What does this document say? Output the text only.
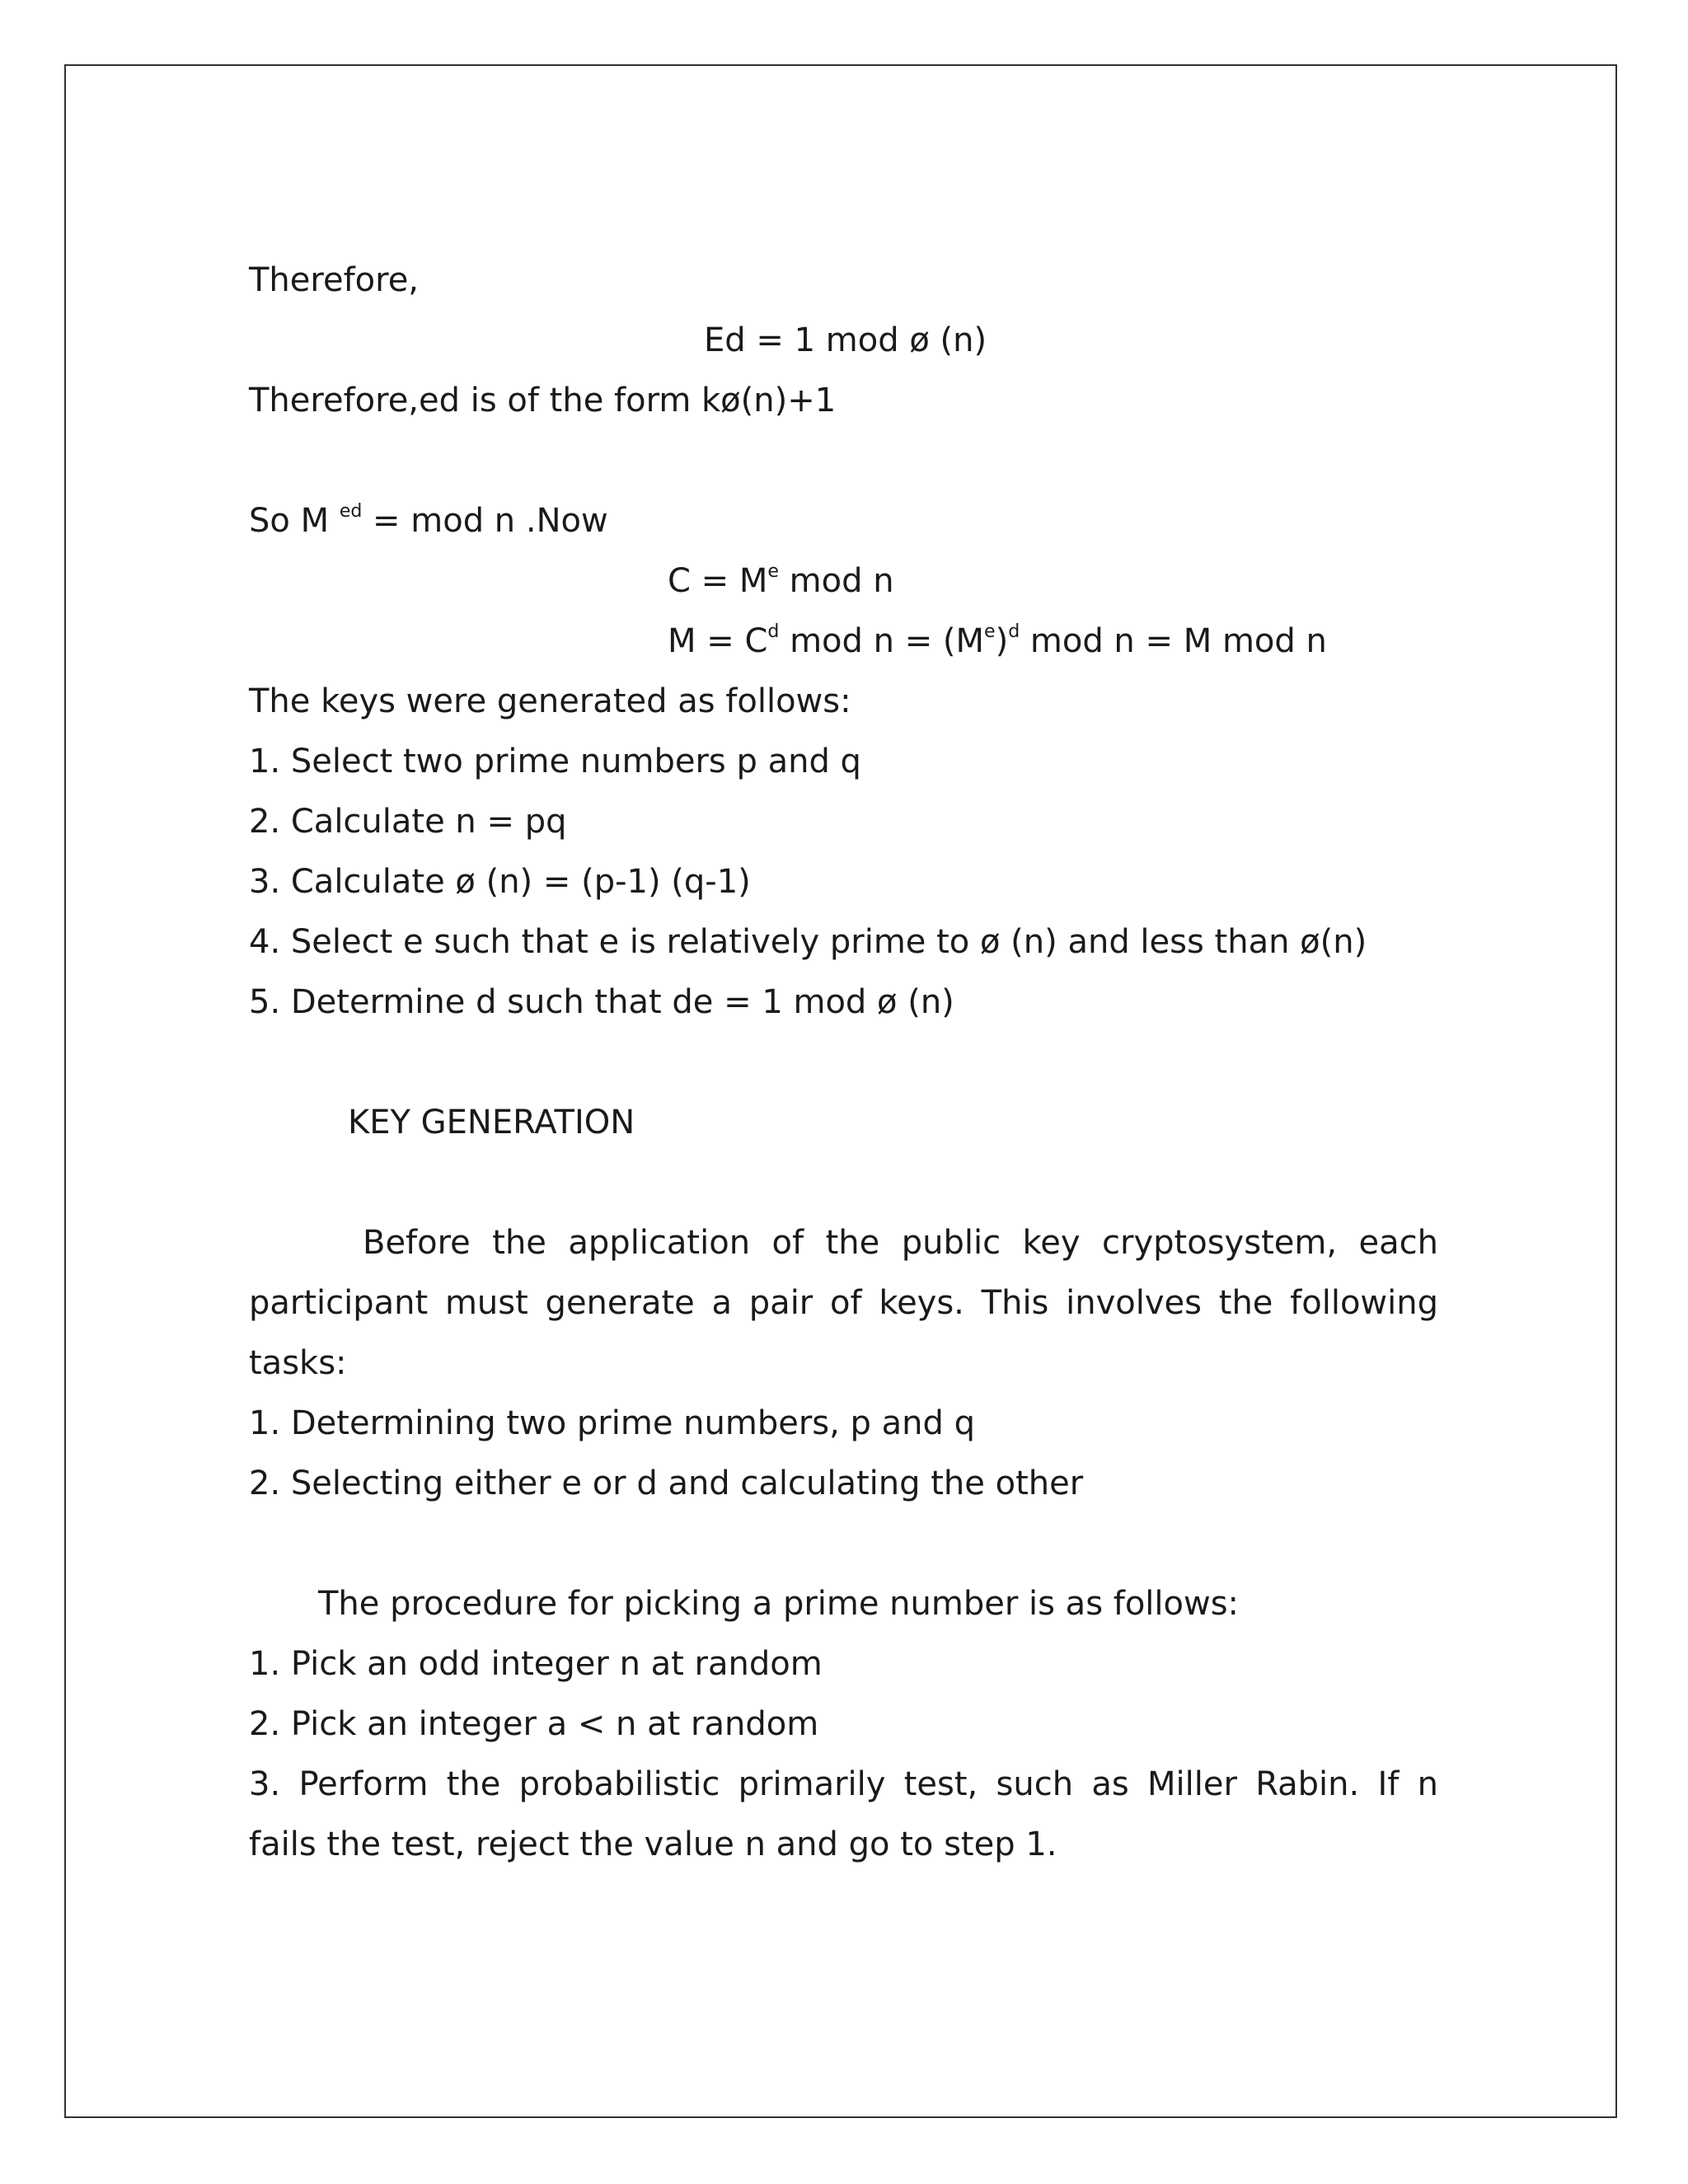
Therefore,
Ed = 1 mod ø (n)
Therefore,ed is of the form kø(n)+1
So M $^{ed}$ = mod n .Now
$C = M^e$ mod n
$M = C^d$ mod $n = (M^e)^d$ mod n = M mod n
The keys were generated as follows:
1. Select two prime numbers p and q
2. Calculate n = pq
3. Calculate ø (n) = (p-1) (q-1)
4. Select e such that e is relatively prime to ø (n) and less than ø(n)
5. Determine d such that de = 1 mod ø (n)
KEY GENERATION
Before the application of the public key cryptosystem, each
participant must generate a pair of keys. This involves the following
tasks:
1. Determining two prime numbers, p and q
2. Selecting either e or d and calculating the other
The procedure for picking a prime number is as follows:
1. Pick an odd integer n at random
2. Pick an integer a < n at random
3. Perform the probabilistic primarily test, such as Miller Rabin. If n
fails the test, reject the value n and go to step 1.
